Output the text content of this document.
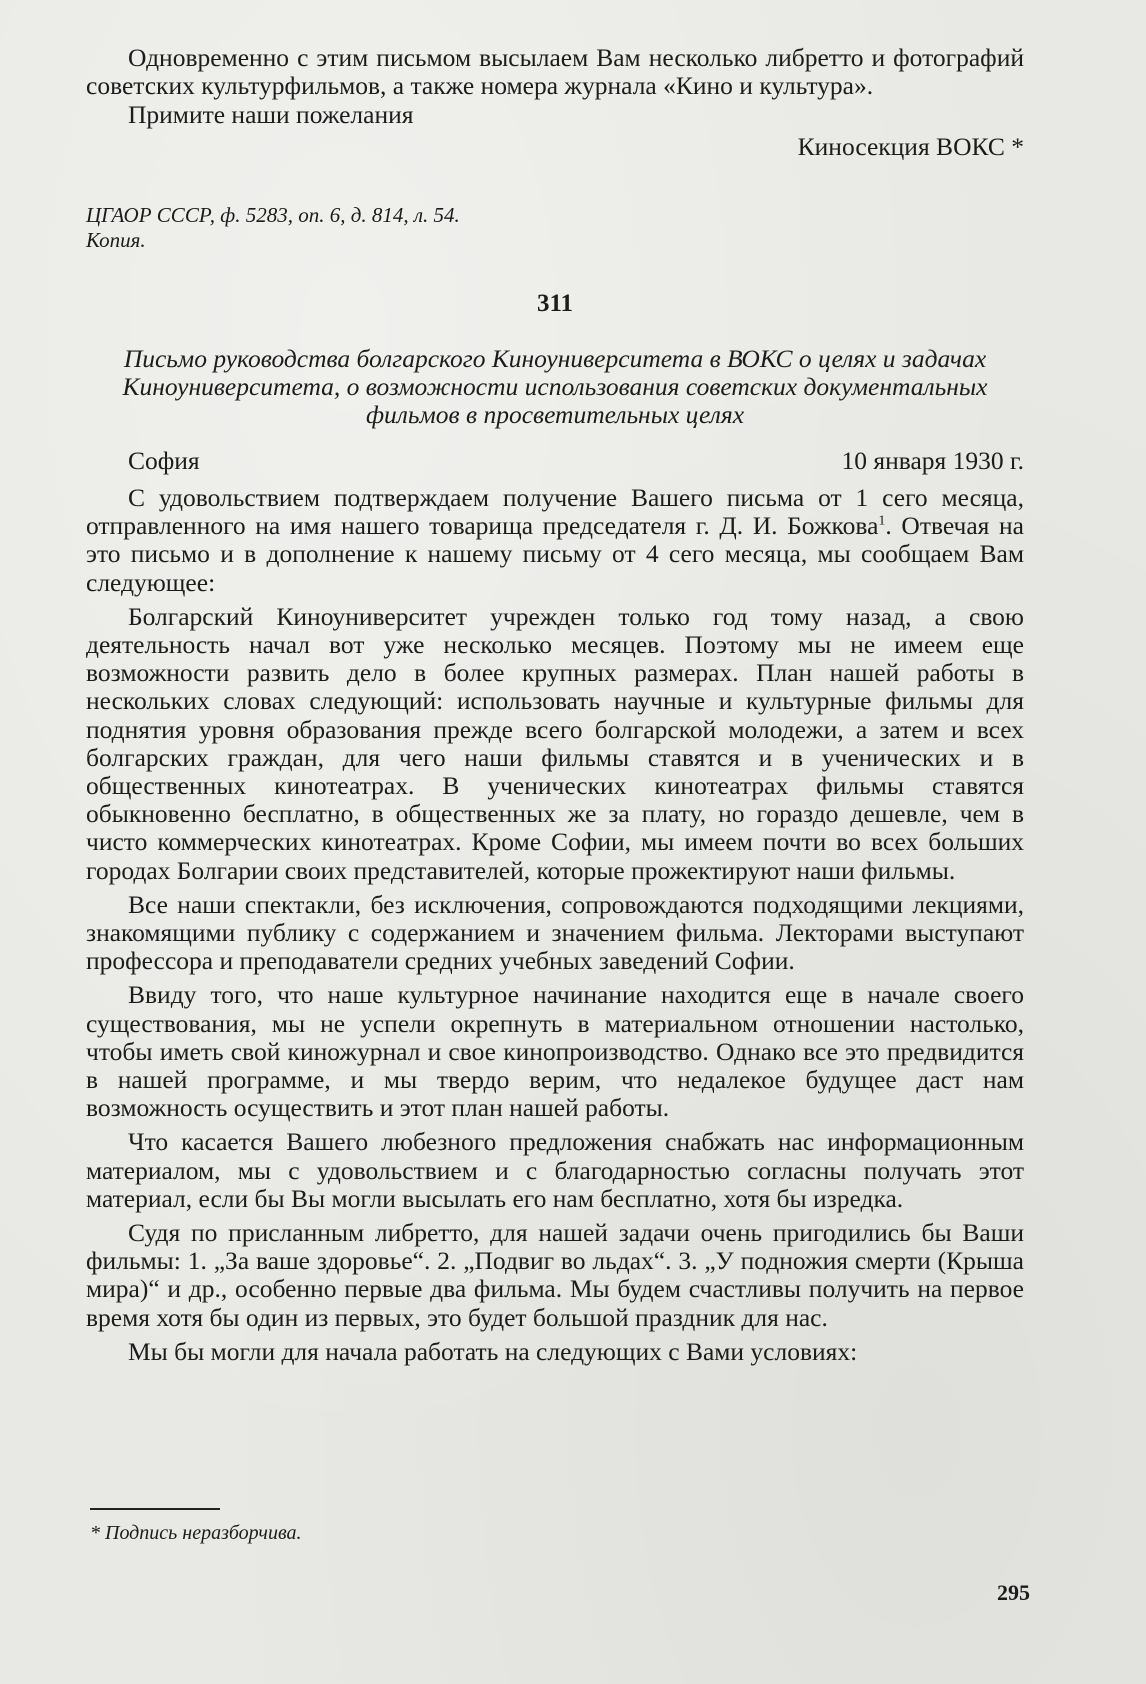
Одновременно с этим письмом высылаем Вам несколько либретто и фотографий советских культурфильмов, а также номера журнала «Кино и культура».

Примите наши пожелания

Киносекция ВОКС *

ЦГАОР СССР, ф. 5283, оп. 6, д. 814, л. 54.
Копия.
311

Письмо руководства болгарского Киноуниверситета в ВОКС о целях и задачах Киноуниверситета, о возможности использования советских документальных фильмов в просветительных целях

София	10 января 1930 г.

С удовольствием подтверждаем получение Вашего письма от 1 сего месяца, отправленного на имя нашего товарища председателя г. Д. И. Божкова$^1$. Отвечая на это письмо и в дополнение к нашему письму от 4 сего месяца, мы сообщаем Вам следующее:

Болгарский Киноуниверситет учрежден только год тому назад, а свою деятельность начал вот уже несколько месяцев. Поэтому мы не имеем еще возможности развить дело в более крупных размерах. План нашей работы в нескольких словах следующий: использовать научные и культурные фильмы для поднятия уровня образования прежде всего болгарской молодежи, а затем и всех болгарских граждан, для чего наши фильмы ставятся и в ученических и в общественных кинотеатрах. В ученических кинотеатрах фильмы ставятся обыкновенно бесплатно, в общественных же за плату, но гораздо дешевле, чем в чисто коммерческих кинотеатрах. Кроме Софии, мы имеем почти во всех больших городах Болгарии своих представителей, которые прожектируют наши фильмы.

Все наши спектакли, без исключения, сопровождаются подходящими лекциями, знакомящими публику с содержанием и значением фильма. Лекторами выступают профессора и преподаватели средних учебных заведений Софии.

Ввиду того, что наше культурное начинание находится еще в начале своего существования, мы не успели окрепнуть в материальном отношении настолько, чтобы иметь свой киножурнал и свое кинопроизводство. Однако все это предвидится в нашей программе, и мы твердо верим, что недалекое будущее даст нам возможность осуществить и этот план нашей работы.

Что касается Вашего любезного предложения снабжать нас информационным материалом, мы с удовольствием и с благодарностью согласны получать этот материал, если бы Вы могли высылать его нам бесплатно, хотя бы изредка.

Судя по присланным либретто, для нашей задачи очень пригодились бы Ваши фильмы: 1. „За ваше здоровье“. 2. „Подвиг во льдах“. 3. „У подножия смерти (Крыша мира)“ и др., особенно первые два фильма. Мы будем счастливы получить на первое время хотя бы один из первых, это будет большой праздник для нас.

Мы бы могли для начала работать на следующих с Вами условиях:

* Подпись неразборчива.
295
